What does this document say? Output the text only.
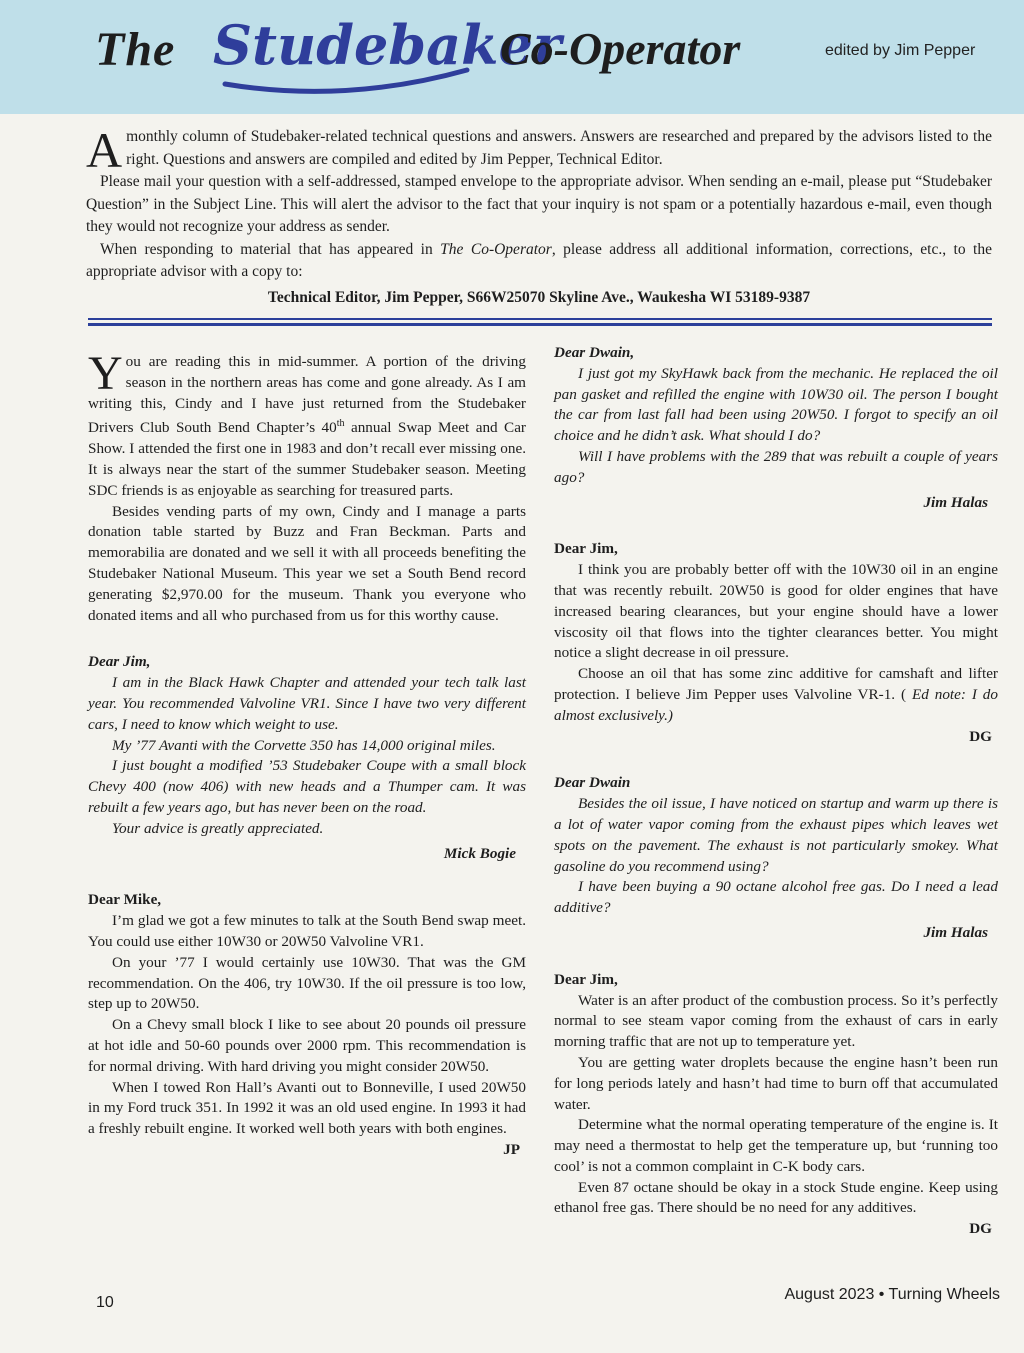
The Studebaker
Co-Operator	edited by Jim Pepper

Amonthly column of Studebaker-related technical questions and answers. Answers are researched and prepared by the advisors listed to the right. Questions and answers are compiled and edited by Jim Pepper, Technical Editor.

Please mail your question with a self-addressed, stamped envelope to the appropriate advisor. When sending an e-mail, please put “Studebaker Question” in the Subject Line. This will alert the advisor to the fact that your inquiry is not spam or a potentially hazardous e-mail, even though they would not recognize your address as sender.

When responding to material that has appeared in The Co-Operator, please address all additional information, corrections, etc., to the appropriate advisor with a copy to:

Technical Editor, Jim Pepper, S66W25070 Skyline Ave., Waukesha WI 53189-9387

You are reading this in mid-summer. A portion of the driving season in the northern areas has come and gone already. As I am writing this, Cindy and I have just returned from the Studebaker Drivers Club South Bend Chapter’s 40th annual Swap Meet and Car Show. I attended the first one in 1983 and don’t recall ever missing one. It is always near the start of the summer Studebaker season. Meeting SDC friends is as enjoyable as searching for treasured parts.

Besides vending parts of my own, Cindy and I manage a parts donation table started by Buzz and Fran Beckman. Parts and memorabilia are donated and we sell it with all proceeds benefiting the Studebaker National Museum. This year we set a South Bend record generating $2,970.00 for the museum. Thank you everyone who donated items and all who purchased from us for this worthy cause.

Dear Jim,

I am in the Black Hawk Chapter and attended your tech talk last year. You recommended Valvoline VR1. Since I have two very different cars, I need to know which weight to use.

My ’77 Avanti with the Corvette 350 has 14,000 original miles.

I just bought a modified ’53 Studebaker Coupe with a small block Chevy 400 (now 406) with new heads and a Thumper cam. It was rebuilt a few years ago, but has never been on the road.

Your advice is greatly appreciated.

Mick Bogie
Dear Mike,

I’m glad we got a few minutes to talk at the South Bend swap meet. You could use either 10W30 or 20W50 Valvoline VR1.

On your ’77 I would certainly use 10W30. That was the GM recommendation. On the 406, try 10W30. If the oil pressure is too low, step up to 20W50.

On a Chevy small block I like to see about 20 pounds oil pressure at hot idle and 50-60 pounds over 2000 rpm. This recommendation is for normal driving. With hard driving you might consider 20W50.

When I towed Ron Hall’s Avanti out to Bonneville, I used 20W50 in my Ford truck 351. In 1992 it was an old used engine. In 1993 it had a freshly rebuilt engine. It worked well both years with both engines.

JP
Dear Dwain,

I just got my SkyHawk back from the mechanic. He replaced the oil pan gasket and refilled the engine with 10W30 oil. The person I bought the car from last fall had been using 20W50. I forgot to specify an oil choice and he didn’t ask. What should I do?

Will I have problems with the 289 that was rebuilt a couple of years ago?

Jim Halas
Dear Jim,

I think you are probably better off with the 10W30 oil in an engine that was recently rebuilt. 20W50 is good for older engines that have increased bearing clearances, but your engine should have a lower viscosity oil that flows into the tighter clearances better. You might notice a slight decrease in oil pressure.

Choose an oil that has some zinc additive for camshaft and lifter protection. I believe Jim Pepper uses Valvoline VR-1. ( Ed note: I do almost exclusively.)

DG
Dear Dwain

Besides the oil issue, I have noticed on startup and warm up there is a lot of water vapor coming from the exhaust pipes which leaves wet spots on the pavement. The exhaust is not particularly smokey. What gasoline do you recommend using?

I have been buying a 90 octane alcohol free gas. Do I need a lead additive?

Jim Halas
Dear Jim,

Water is an after product of the combustion process. So it’s perfectly normal to see steam vapor coming from the exhaust of cars in early morning traffic that are not up to temperature yet.

You are getting water droplets because the engine hasn’t been run for long periods lately and hasn’t had time to burn off that accumulated water.

Determine what the normal operating temperature of the engine is. It may need a thermostat to help get the temperature up, but ‘running too cool’ is not a common complaint in C-K body cars.

Even 87 octane should be okay in a stock Stude engine. Keep using ethanol free gas. There should be no need for any additives.

DG
10	August 2023 • Turning Wheels
